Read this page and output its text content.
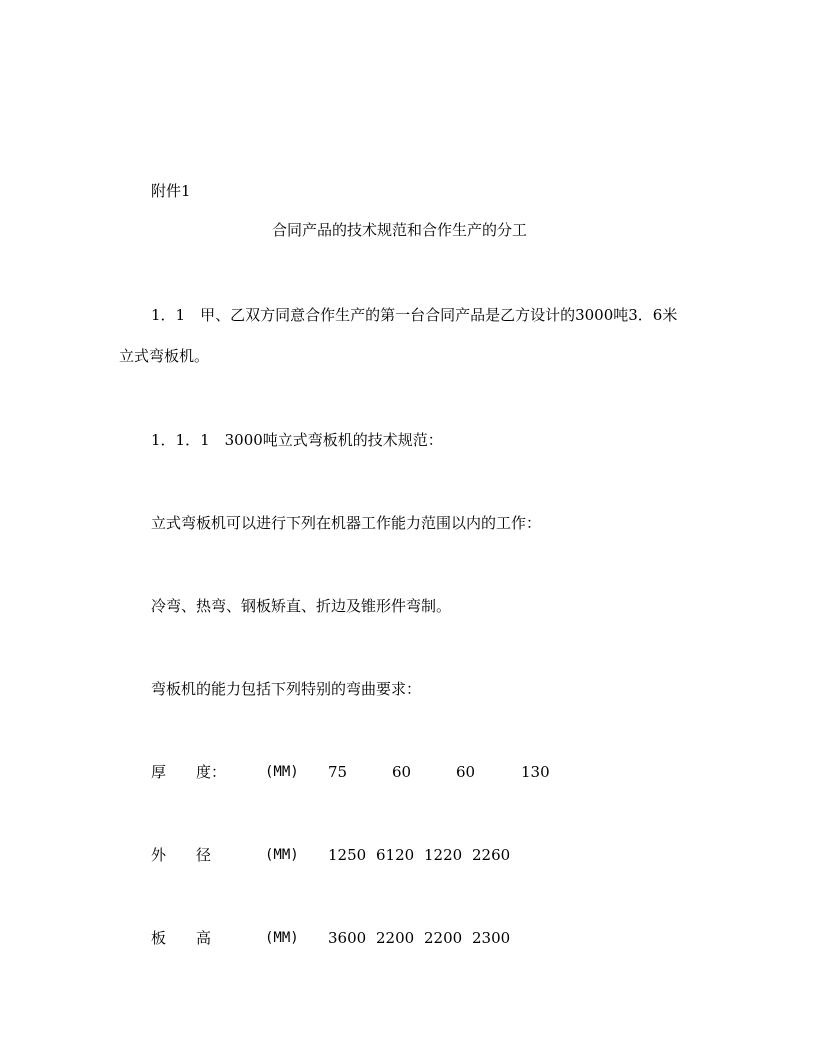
附件1
合同产品的技术规范和合作生产的分工
1．1　甲、乙双方同意合作生产的第一台合同产品是乙方设计的3000吨3．6米
立式弯板机。
1．1．1　3000吨立式弯板机的技术规范：
立式弯板机可以进行下列在机器工作能力范围以内的工作：
冷弯、热弯、钢板矫直、折边及锥形件弯制。
弯板机的能力包括下列特别的弯曲要求：
厚　　度：	(MM) 75	60	60	130
外　　径	(MM) 1250 6120 1220 2260
板　　高	(MM) 3600 2200 2200 2300
